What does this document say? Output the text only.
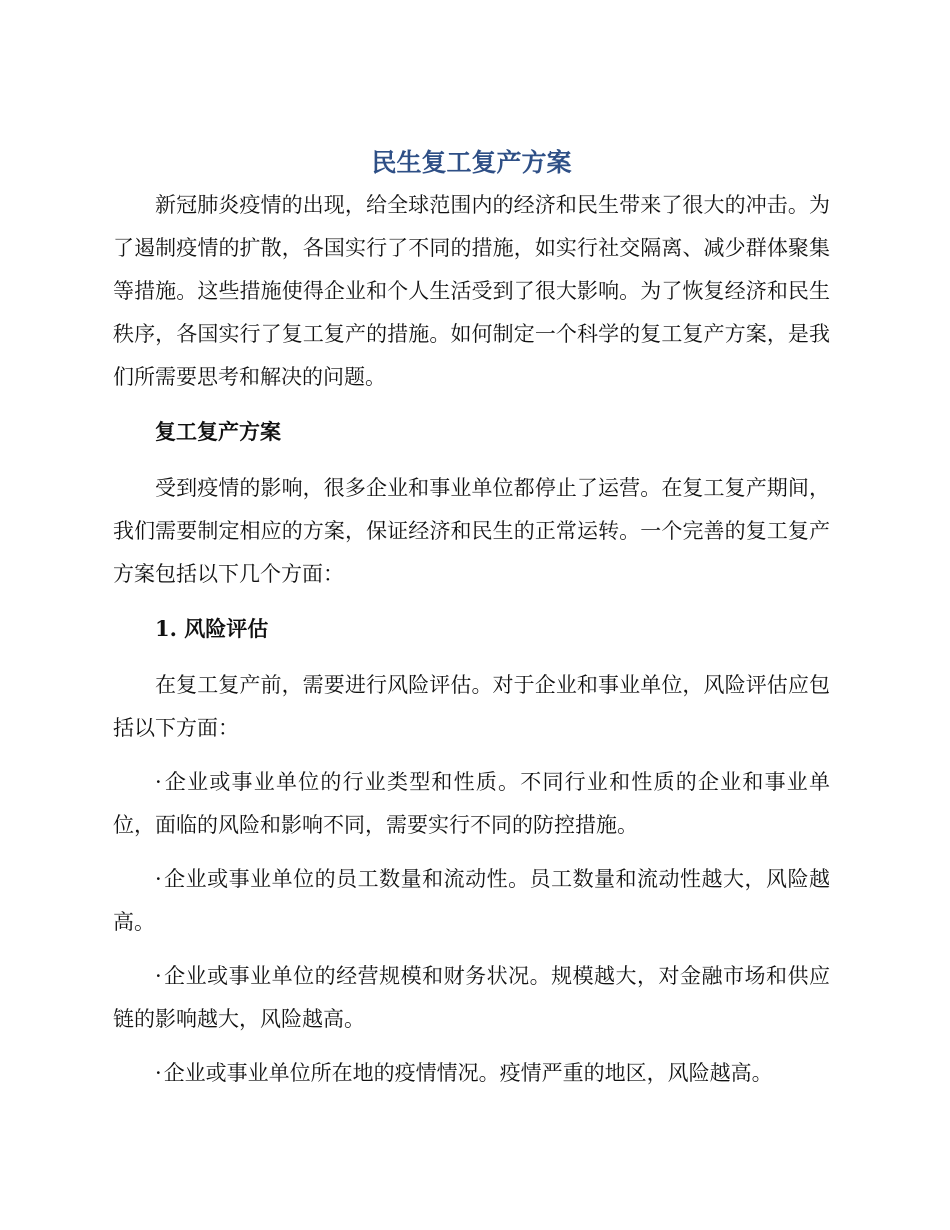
民生复工复产方案

新冠肺炎疫情的出现，给全球范围内的经济和民生带来了很大的冲击。为了遏制疫情的扩散，各国实行了不同的措施，如实行社交隔离、减少群体聚集等措施。这些措施使得企业和个人生活受到了很大影响。为了恢复经济和民生秩序，各国实行了复工复产的措施。如何制定一个科学的复工复产方案，是我们所需要思考和解决的问题。

复工复产方案

受到疫情的影响，很多企业和事业单位都停止了运营。在复工复产期间，我们需要制定相应的方案，保证经济和民生的正常运转。一个完善的复工复产方案包括以下几个方面：

1. 风险评估

在复工复产前，需要进行风险评估。对于企业和事业单位，风险评估应包括以下方面：

·企业或事业单位的行业类型和性质。不同行业和性质的企业和事业单位，面临的风险和影响不同，需要实行不同的防控措施。

·企业或事业单位的员工数量和流动性。员工数量和流动性越大，风险越高。

·企业或事业单位的经营规模和财务状况。规模越大，对金融市场和供应链的影响越大，风险越高。

·企业或事业单位所在地的疫情情况。疫情严重的地区，风险越高。
